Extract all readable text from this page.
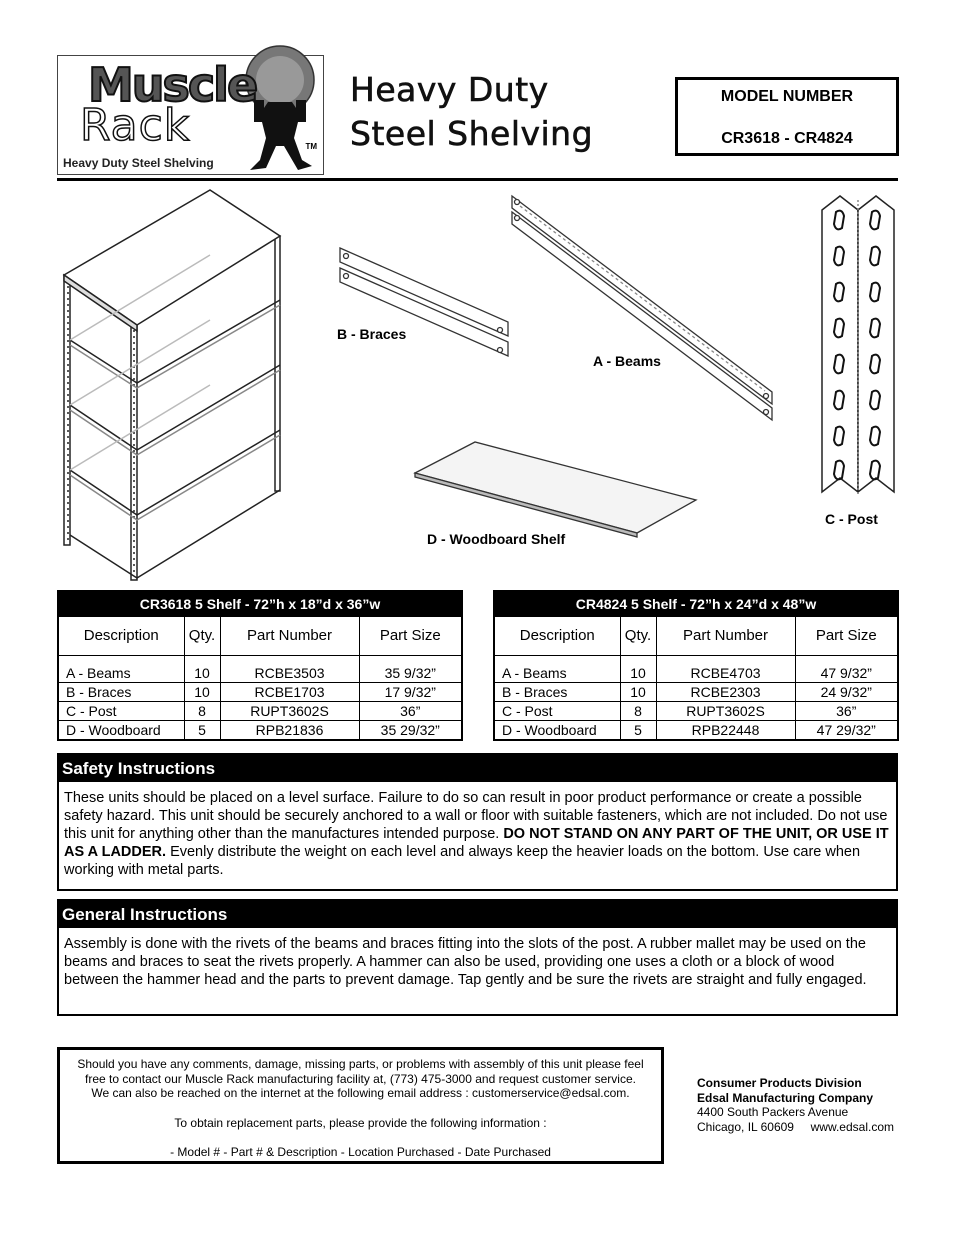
Muscle
Rack	TM
Heavy Duty Steel Shelving
Heavy Duty
Steel Shelving
MODEL NUMBER
CR3618 - CR4824
B - Braces
A - Beams
C - Post
D - Woodboard Shelf
CR3618 5 Shelf - 72”h x 18”d x 36”w
Description	Qty.	Part Number	Part Size

A - Beams	10	RCBE3503	35 9/32”
B - Braces	10	RCBE1703	17 9/32”
C - Post	8	RUPT3602S	36”
D - Woodboard	5	RPB21836	35 29/32”
CR4824 5 Shelf - 72”h x 24”d x 48”w
Description	Qty.	Part Number	Part Size

A - Beams	10	RCBE4703	47 9/32”
B - Braces	10	RCBE2303	24 9/32”
C - Post	8	RUPT3602S	36”
D - Woodboard	5	RPB22448	47 29/32”
Safety Instructions
These units should be placed on a level surface. Failure to do so can result in poor product performance or create a possible safety hazard. This unit should be securely anchored to a wall or floor with suitable fasteners, which are not included. Do not use this unit for anything other than the manufactures intended purpose. DO NOT STAND ON ANY PART OF THE UNIT, OR USE IT AS A LADDER. Evenly distribute the weight on each level and always keep the heavier loads on the bottom. Use care when working with metal parts.
General Instructions
Assembly is done with the rivets of the beams and braces fitting into the slots of the post. A rubber mallet may be used on the beams and braces to seat the rivets properly. A hammer can also be used, providing one uses a cloth or a block of wood between the hammer head and the parts to prevent damage. Tap gently and be sure the rivets are straight and fully engaged.

Should you have any comments, damage, missing parts, or problems with assembly of this unit please feel

free to contact our Muscle Rack manufacturing facility at, (773) 475-3000 and request customer service.

We can also be reached on the internet at the following email address : customerservice@edsal.com.

To obtain replacement parts, please provide the following information :

- Model # - Part # & Description - Location Purchased - Date Purchased

Consumer Products Division
Edsal Manufacturing Company
4400 South Packers Avenue
Chicago, IL 60609 www.edsal.com
